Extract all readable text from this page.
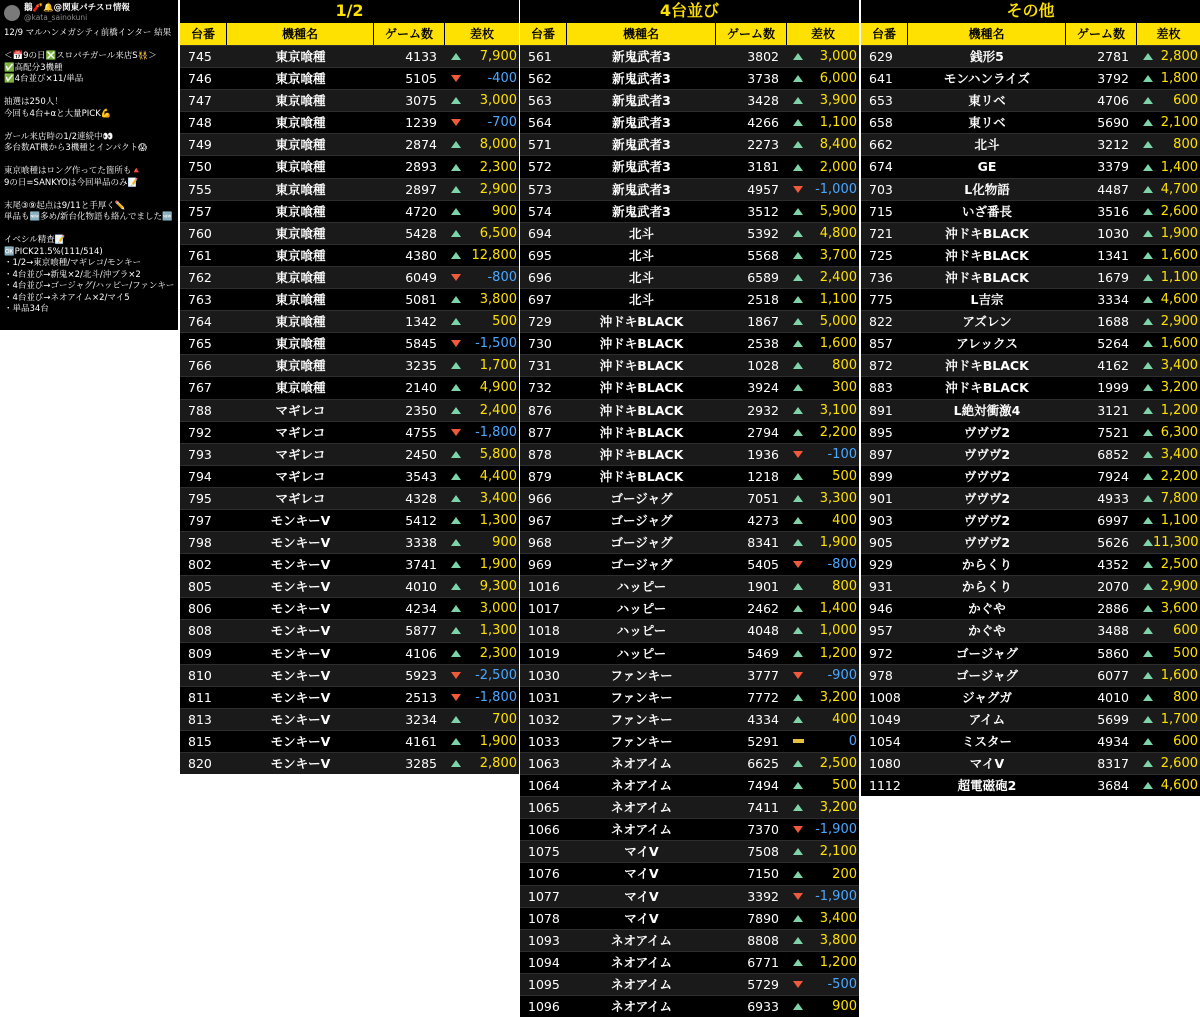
鵝🧨🔔@関東パチスロ情報
@kata_sainokuni
12/9 マルハンメガシティ前橋インター 結果
＜📅9の日❎スロパチガール来店S👯＞
✅高配分3機種
✅4台並び×11/単品
抽選は250人！
今回も4台+αと大量PICK💪
ガール来店時の1/2連続中👀
多台数AT機から3機種とインパクト😱
東京喰種はロング作ってた箇所も🔺
9の日=SANKYOは今回単品のみ📝
末尾③⑨起点は9/11と手厚く✏️
単品も🆕多め/新台化物語も絡んでました🆕
イベシル精査📝
🆗PICK21.5%(111/514)
・1/2→東京喰種/マギレコ/モンキー
・4台並び→新鬼×2/北斗/沖ブラ×2
・4台並び→ゴージャグ/ハッピー/ファンキー
・4台並び→ネオアイム×2/マイ5
・単品34台
1/2
台番	機種名	ゲーム数	差枚
745	東京喰種	4133	7,900
746	東京喰種	5105	-400
747	東京喰種	3075	3,000
748	東京喰種	1239	-700
749	東京喰種	2874	8,000
750	東京喰種	2893	2,300
755	東京喰種	2897	2,900
757	東京喰種	4720	900
760	東京喰種	5428	6,500
761	東京喰種	4380	12,800
762	東京喰種	6049	-800
763	東京喰種	5081	3,800
764	東京喰種	1342	500
765	東京喰種	5845	-1,500
766	東京喰種	3235	1,700
767	東京喰種	2140	4,900
788	マギレコ	2350	2,400
792	マギレコ	4755	-1,800
793	マギレコ	2450	5,800
794	マギレコ	3543	4,400
795	マギレコ	4328	3,400
797	モンキーV	5412	1,300
798	モンキーV	3338	900
802	モンキーV	3741	1,900
805	モンキーV	4010	9,300
806	モンキーV	4234	3,000
808	モンキーV	5877	1,300
809	モンキーV	4106	2,300
810	モンキーV	5923	-2,500
811	モンキーV	2513	-1,800
813	モンキーV	3234	700
815	モンキーV	4161	1,900
820	モンキーV	3285	2,800
4台並び
台番	機種名	ゲーム数	差枚
561	新鬼武者3	3802	3,000
562	新鬼武者3	3738	6,000
563	新鬼武者3	3428	3,900
564	新鬼武者3	4266	1,100
571	新鬼武者3	2273	8,400
572	新鬼武者3	3181	2,000
573	新鬼武者3	4957	-1,000
574	新鬼武者3	3512	5,900
694	北斗	5392	4,800
695	北斗	5568	3,700
696	北斗	6589	2,400
697	北斗	2518	1,100
729	沖ドキBLACK	1867	5,000
730	沖ドキBLACK	2538	1,600
731	沖ドキBLACK	1028	800
732	沖ドキBLACK	3924	300
876	沖ドキBLACK	2932	3,100
877	沖ドキBLACK	2794	2,200
878	沖ドキBLACK	1936	-100
879	沖ドキBLACK	1218	500
966	ゴージャグ	7051	3,300
967	ゴージャグ	4273	400
968	ゴージャグ	8341	1,900
969	ゴージャグ	5405	-800
1016	ハッピー	1901	800
1017	ハッピー	2462	1,400
1018	ハッピー	4048	1,000
1019	ハッピー	5469	1,200
1030	ファンキー	3777	-900
1031	ファンキー	7772	3,200
1032	ファンキー	4334	400
1033	ファンキー	5291	0
1063	ネオアイム	6625	2,500
1064	ネオアイム	7494	500
1065	ネオアイム	7411	3,200
1066	ネオアイム	7370	-1,900
1075	マイV	7508	2,100
1076	マイV	7150	200
1077	マイV	3392	-1,900
1078	マイV	7890	3,400
1093	ネオアイム	8808	3,800
1094	ネオアイム	6771	1,200
1095	ネオアイム	5729	-500
1096	ネオアイム	6933	900
その他
台番	機種名	ゲーム数	差枚
629	銭形5	2781	2,800
641	モンハンライズ	3792	1,800
653	東リベ	4706	600
658	東リベ	5690	2,100
662	北斗	3212	800
674	GE	3379	1,400
703	L化物語	4487	4,700
715	いざ番長	3516	2,600
721	沖ドキBLACK	1030	1,900
725	沖ドキBLACK	1341	1,600
736	沖ドキBLACK	1679	1,100
775	L吉宗	3334	4,600
822	アズレン	1688	2,900
857	アレックス	5264	1,600
872	沖ドキBLACK	4162	3,400
883	沖ドキBLACK	1999	3,200
891	L絶対衝激4	3121	1,200
895	ヴヴヴ2	7521	6,300
897	ヴヴヴ2	6852	3,400
899	ヴヴヴ2	7924	2,200
901	ヴヴヴ2	4933	7,800
903	ヴヴヴ2	6997	1,100
905	ヴヴヴ2	5626	11,300
929	からくり	4352	2,500
931	からくり	2070	2,900
946	かぐや	2886	3,600
957	かぐや	3488	600
972	ゴージャグ	5860	500
978	ゴージャグ	6077	1,600
1008	ジャグガ	4010	800
1049	アイム	5699	1,700
1054	ミスター	4934	600
1080	マイV	8317	2,600
1112	超電磁砲2	3684	4,600
